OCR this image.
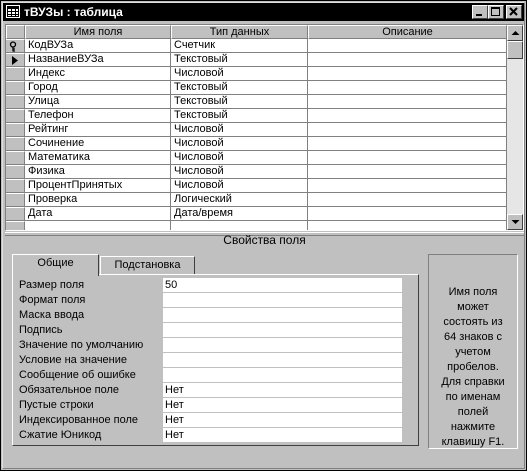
тВУЗы : таблица
Имя поля	Тип данных	Описание
КодВУЗа	Счетчик
НазваниеВУЗа	Текстовый
Индекс	Числовой
Город	Текстовый
Улица	Текстовый
Телефон	Текстовый
Рейтинг	Числовой
Сочинение	Числовой
Математика	Числовой
Физика	Числовой
ПроцентПринятых	Числовой
Проверка	Логический
Дата	Дата/время
Свойства поля
Общие	Подстановка
Размер поля	50
Формат поля
Маска ввода
Подпись
Значение по умолчанию
Условие на значение
Сообщение об ошибке
Обязательное поле	Нет
Пустые строки	Нет
Индексированное поле	Нет
Сжатие Юникод	Нет
Имя поля
может
состоять из
64 знаков с
учетом
пробелов.
Для справки
по именам
полей
нажмите
клавишу F1.
